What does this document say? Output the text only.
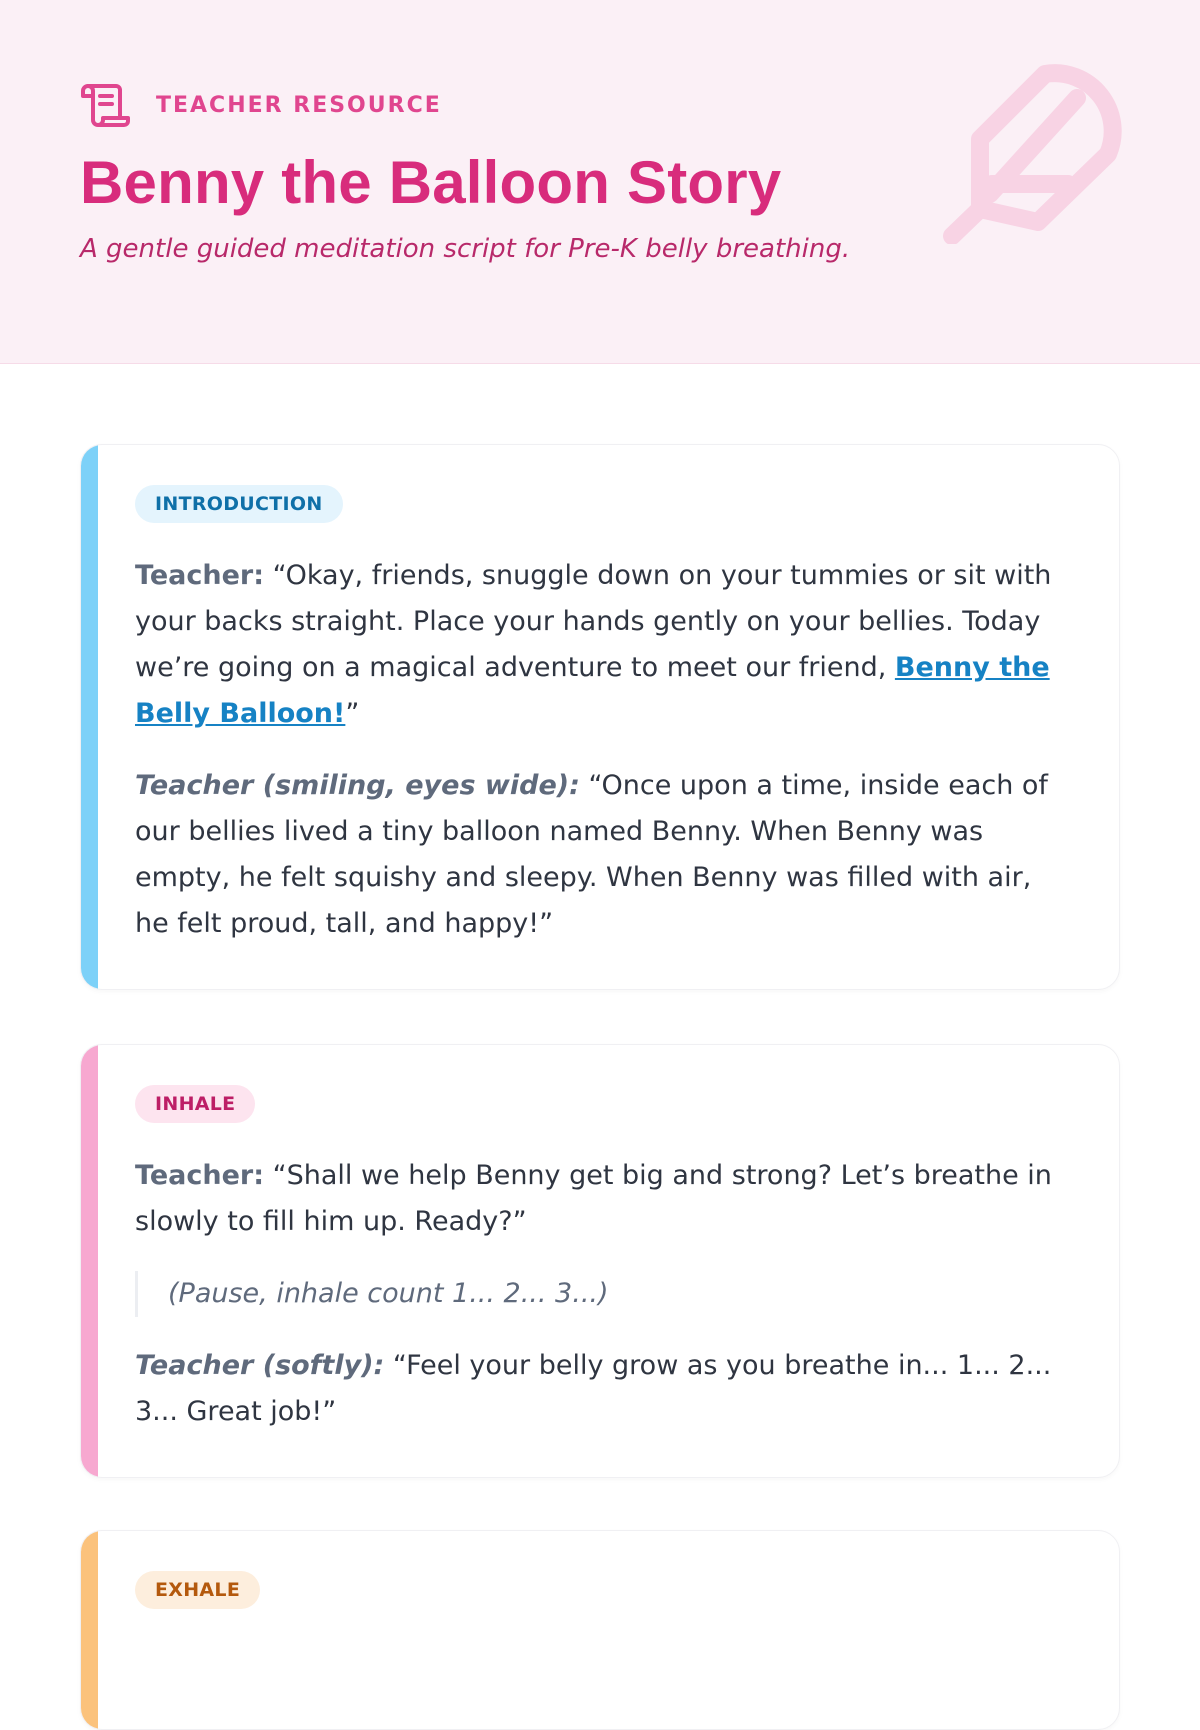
TEACHER RESOURCE
Benny the Balloon Story

A gentle guided meditation script for Pre-K belly breathing.

INTRODUCTION

Teacher: “Okay, friends, snuggle down on your tummies or sit with your backs straight. Place your hands gently on your bellies. Today we’re going on a magical adventure to meet our friend, Benny the Belly Balloon!”

Teacher (smiling, eyes wide): “Once upon a time, inside each of our bellies lived a tiny balloon named Benny. When Benny was empty, he felt squishy and sleepy. When Benny was filled with air, he felt proud, tall, and happy!”

INHALE

Teacher: “Shall we help Benny get big and strong? Let’s breathe in slowly to fill him up. Ready?”

(Pause, inhale count 1... 2... 3...)

Teacher (softly): “Feel your belly grow as you breathe in... 1... 2... 3... Great job!”

EXHALE
